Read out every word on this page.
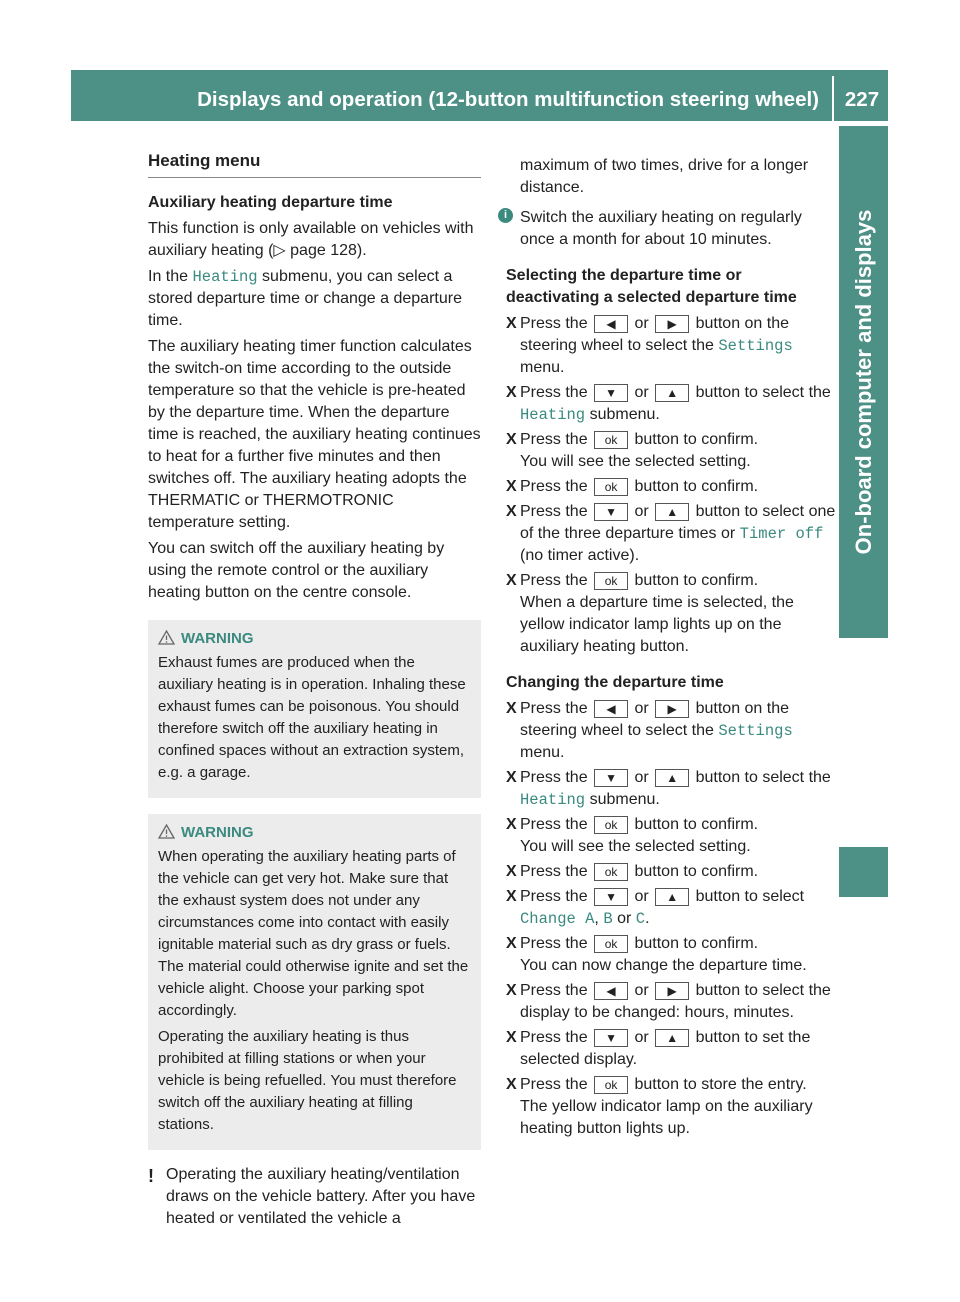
Displays and operation (12-button multifunction steering wheel)	227
On-board computer and displays
Heating menu
Auxiliary heating departure time

This function is only available on vehicles with auxiliary heating (▷ page 128).

In the Heating submenu, you can select a stored departure time or change a departure time.

The auxiliary heating timer function calculates the switch-on time according to the outside temperature so that the vehicle is pre-heated by the departure time. When the departure time is reached, the auxiliary heating continues to heat for a further five minutes and then switches off. The auxiliary heating adopts the THERMATIC or THERMOTRONIC temperature setting.

You can switch off the auxiliary heating by using the remote control or the auxiliary heating button on the centre console.

WARNING

Exhaust fumes are produced when the auxiliary heating is in operation. Inhaling these exhaust fumes can be poisonous. You should therefore switch off the auxiliary heating in confined spaces without an extraction system, e.g. a garage.

WARNING

When operating the auxiliary heating parts of the vehicle can get very hot. Make sure that the exhaust system does not under any circumstances come into contact with easily ignitable material such as dry grass or fuels. The material could otherwise ignite and set the vehicle alight. Choose your parking spot accordingly.

Operating the auxiliary heating is thus prohibited at filling stations or when your vehicle is being refuelled. You must therefore switch off the auxiliary heating at filling stations.

! Operating the auxiliary heating/ventilation draws on the vehicle battery. After you have heated or ventilated the vehicle a

maximum of two times, drive for a longer distance.

i Switch the auxiliary heating on regularly once a month for about 10 minutes.
Selecting the departure time or deactivating a selected departure time
X Press the ◀ or ▶ button on the steering wheel to select the Settings menu.
X Press the ▼ or ▲ button to select the Heating submenu.
X Press the ok button to confirm.
You will see the selected setting.
X Press the ok button to confirm.
X Press the ▼ or ▲ button to select one of the three departure times or Timer off (no timer active).
X Press the ok button to confirm.
When a departure time is selected, the yellow indicator lamp lights up on the auxiliary heating button.
Changing the departure time
X Press the ◀ or ▶ button on the steering wheel to select the Settings menu.
X Press the ▼ or ▲ button to select the Heating submenu.
X Press the ok button to confirm.
You will see the selected setting.
X Press the ok button to confirm.
X Press the ▼ or ▲ button to select
Change A, B or C.
X Press the ok button to confirm.
You can now change the departure time.
X Press the ◀ or ▶ button to select the display to be changed: hours, minutes.
X Press the ▼ or ▲ button to set the selected display.
X Press the ok button to store the entry.
The yellow indicator lamp on the auxiliary heating button lights up.
